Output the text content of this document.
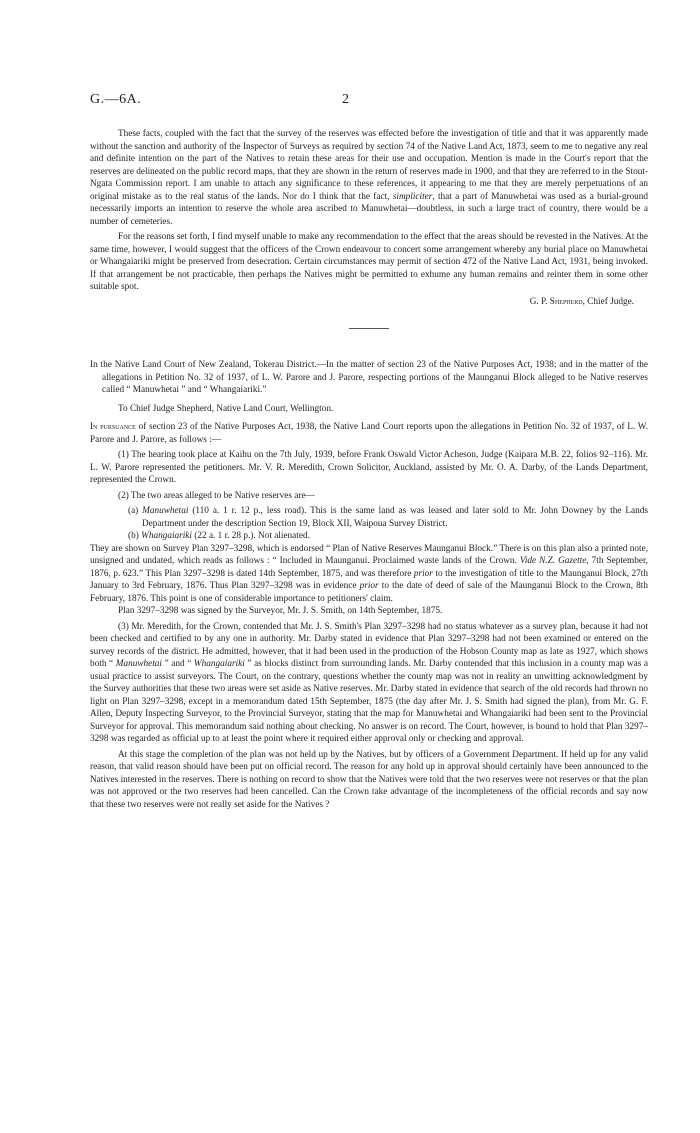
G.—6A.	2

These facts, coupled with the fact that the survey of the reserves was effected before the investigation of title and that it was apparently made without the sanction and authority of the Inspector of Surveys as required by section 74 of the Native Land Act, 1873, seem to me to negative any real and definite intention on the part of the Natives to retain these areas for their use and occupation. Mention is made in the Court's report that the reserves are delineated on the public record maps, that they are shown in the return of reserves made in 1900, and that they are referred to in the Stout-Ngata Commission report. I am unable to attach any significance to these references, it appearing to me that they are merely perpetuations of an original mistake as to the real status of the lands. Nor do I think that the fact, simpliciter, that a part of Manuwhetai was used as a burial-ground necessarily imports an intention to reserve the whole area ascribed to Manuwhetai—doubtless, in such a large tract of country, there would be a number of cemeteries.

For the reasons set forth, I find myself unable to make any recommendation to the effect that the areas should be revested in the Natives. At the same time, however, I would suggest that the officers of the Crown endeavour to concert some arrangement whereby any burial place on Manuwhetai or Whangaiariki might be preserved from desecration. Certain circumstances may permit of section 472 of the Native Land Act, 1931, being invoked. If that arrangement be not practicable, then perhaps the Natives might be permitted to exhume any human remains and reinter them in some other suitable spot.

G. P. Shepherd, Chief Judge.

In the Native Land Court of New Zealand, Tokerau District.—In the matter of section 23 of the Native Purposes Act, 1938; and in the matter of the allegations in Petition No. 32 of 1937, of L. W. Parore and J. Parore, respecting portions of the Maunganui Block alleged to be Native reserves called “ Manuwhetai ” and “ Whangaiariki.”

To Chief Judge Shepherd, Native Land Court, Wellington.

In pursuance of section 23 of the Native Purposes Act, 1938, the Native Land Court reports upon the allegations in Petition No. 32 of 1937, of L. W. Parore and J. Parore, as follows :—

(1) The hearing took place at Kaihu on the 7th July, 1939, before Frank Oswald Victor Acheson, Judge (Kaipara M.B. 22, folios 92–116). Mr. L. W. Parore represented the petitioners. Mr. V. R. Meredith, Crown Solicitor, Auckland, assisted by Mr. O. A. Darby, of the Lands Department, represented the Crown.

(2) The two areas alleged to be Native reserves are—

(a) Manuwhetai (110 a. 1 r. 12 p., less road). This is the same land as was leased and later sold to Mr. John Downey by the Lands Department under the description Section 19, Block XII, Waipoua Survey District.

(b) Whangaiariki (22 a. 1 r. 28 p.). Not alienated.

They are shown on Survey Plan 3297–3298, which is endorsed “ Plan of Native Reserves Maunganui Block.” There is on this plan also a printed note, unsigned and undated, which reads as follows : “ Included in Maunganui. Proclaimed waste lands of the Crown. Vide N.Z. Gazette, 7th September, 1876, p. 623.” This Plan 3297–3298 is dated 14th September, 1875, and was therefore prior to the investigation of title to the Maunganui Block, 27th January to 3rd February, 1876. Thus Plan 3297–3298 was in evidence prior to the date of deed of sale of the Maunganui Block to the Crown, 8th February, 1876. This point is one of considerable importance to petitioners' claim.

Plan 3297–3298 was signed by the Surveyor, Mr. J. S. Smith, on 14th September, 1875.

(3) Mr. Meredith, for the Crown, contended that Mr. J. S. Smith's Plan 3297–3298 had no status whatever as a survey plan, because it had not been checked and certified to by any one in authority. Mr. Darby stated in evidence that Plan 3297–3298 had not been examined or entered on the survey records of the district. He admitted, however, that it had been used in the production of the Hobson County map as late as 1927, which shows both “ Manuwhetai ” and “ Whangaiariki ” as blocks distinct from surrounding lands. Mr. Darby contended that this inclusion in a county map was a usual practice to assist surveyors. The Court, on the contrary, questions whether the county map was not in reality an unwitting acknowledgment by the Survey authorities that these two areas were set aside as Native reserves. Mr. Darby stated in evidence that search of the old records had thrown no light on Plan 3297–3298, except in a memorandum dated 15th September, 1875 (the day after Mr. J. S. Smith had signed the plan), from Mr. G. F. Allen, Deputy Inspecting Surveyor, to the Provincial Surveyor, stating that the map for Manuwhetai and Whangaiariki had been sent to the Provincial Surveyor for approval. This memorandum said nothing about checking. No answer is on record. The Court, however, is bound to hold that Plan 3297–3298 was regarded as official up to at least the point where it required either approval only or checking and approval.

At this stage the completion of the plan was not held up by the Natives, but by officers of a Government Department. If held up for any valid reason, that valid reason should have been put on official record. The reason for any hold up in approval should certainly have been announced to the Natives interested in the reserves. There is nothing on record to show that the Natives were told that the two reserves were not reserves or that the plan was not approved or the two reserves had been cancelled. Can the Crown take advantage of the incompleteness of the official records and say now that these two reserves were not really set aside for the Natives ?
